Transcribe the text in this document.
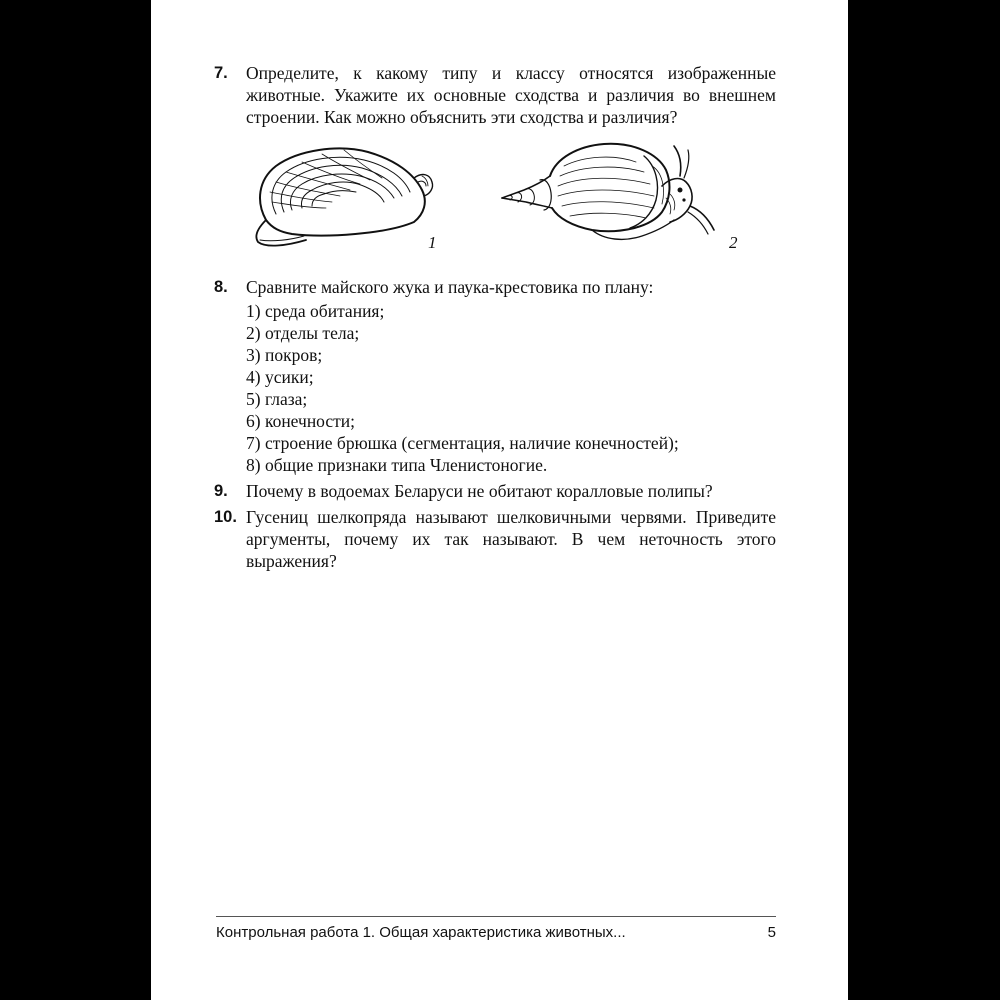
7. Определите, к какому типу и классу относятся изображенные животные. Укажите их основные сходства и различия во внешнем строении. Как можно объяснить эти сходства и различия?

1	2
8. Сравните майского жука и паука-крестовика по плану:

1) среда обитания;
2) отделы тела;
3) покров;
4) усики;
5) глаза;
6) конечности;
7) строение брюшка (сегментация, наличие конечностей);
8) общие признаки типа Членистоногие.
9. Почему в водоемах Беларуси не обитают коралловые полипы?

10. Гусениц шелкопряда называют шелковичными червями. Приведите аргументы, почему их так называют. В чем неточность этого выражения?

Контрольная работа 1. Общая характеристика животных...	5
